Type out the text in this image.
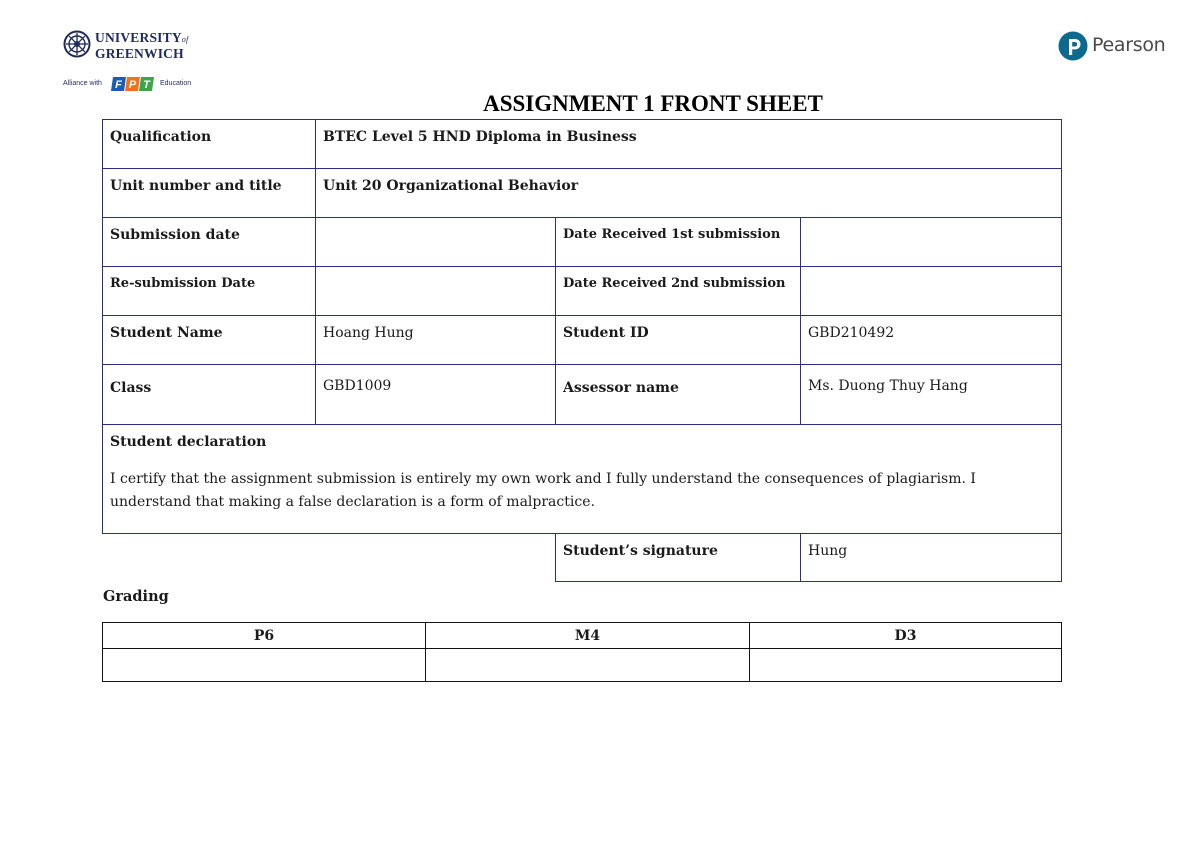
UNIVERSITYof
GREENWICH
Alliance with F P T Education
Pearson
ASSIGNMENT 1 FRONT SHEET
Qualification	BTEC Level 5 HND Diploma in Business		
Unit number and title	Unit 20 Organizational Behavior		
Submission date		Date Received 1st submission	
Re-submission Date		Date Received 2nd submission	
Student Name	Hoang Hung	Student ID	GBD210492
Class	GBD1009	Assessor name	Ms. Duong Thuy Hang

Student declaration
I certify that the assignment submission is entirely my own work and I fully understand the consequences of plagiarism. I understand that making a false declaration is a form of malpractice.			

		Student’s signature	Hung
Grading
P6	M4	D3
